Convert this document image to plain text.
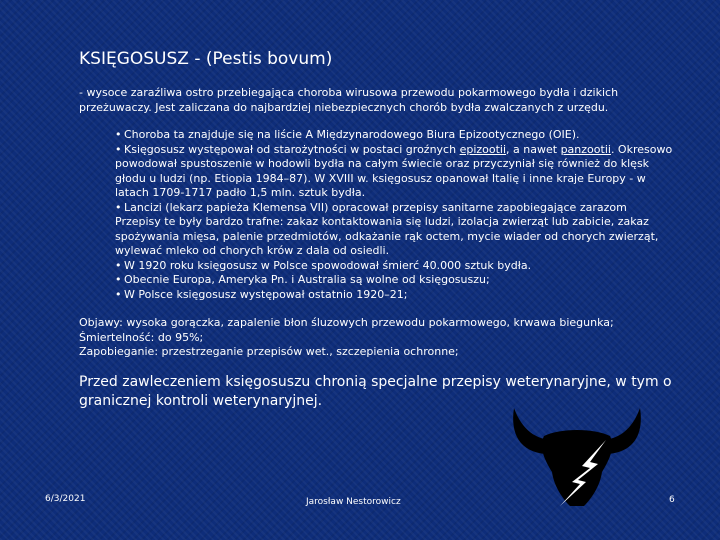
KSIĘGOSUSZ - (Pestis bovum)
- wysoce zaraźliwa ostro przebiegająca choroba wirusowa przewodu pokarmowego bydła i dzikich przeżuwaczy. Jest zaliczana do najbardziej niebezpiecznych chorób bydła zwalczanych z urzędu.
• Choroba ta znajduje się na liście A Międzynarodowego Biura Epizootycznego (OIE).
• Księgosusz występował od starożytności w postaci groźnych epizootii, a nawet panzootii. Okresowo powodował spustoszenie w hodowli bydła na całym świecie oraz przyczyniał się również do klęsk głodu u ludzi (np. Etiopia 1984–87). W XVIII w. księgosusz opanował Italię i inne kraje Europy - w latach 1709-1717 padło 1,5 mln. sztuk bydła.
• Lancizi (lekarz papieża Klemensa VII) opracował przepisy sanitarne zapobiegające zarazom Przepisy te były bardzo trafne: zakaz kontaktowania się ludzi, izolacja zwierząt lub zabicie, zakaz spożywania mięsa, palenie przedmiotów, odkażanie rąk octem, mycie wiader od chorych zwierząt, wylewać mleko od chorych krów z dala od osiedli.
• W 1920 roku księgosusz w Polsce spowodował śmierć 40.000 sztuk bydła.
• Obecnie Europa, Ameryka Pn. i Australia są wolne od księgosuszu;
• W Polsce księgosusz występował ostatnio 1920–21;
Objawy: wysoka gorączka, zapalenie błon śluzowych przewodu pokarmowego, krwawa biegunka;
Śmiertelność: do 95%;
Zapobieganie: przestrzeganie przepisów wet., szczepienia ochronne;
Przed zawleczeniem księgosuszu chronią specjalne przepisy weterynaryjne, w tym o granicznej kontroli weterynaryjnej.
6/3/2021	Jarosław Nestorowicz	6
